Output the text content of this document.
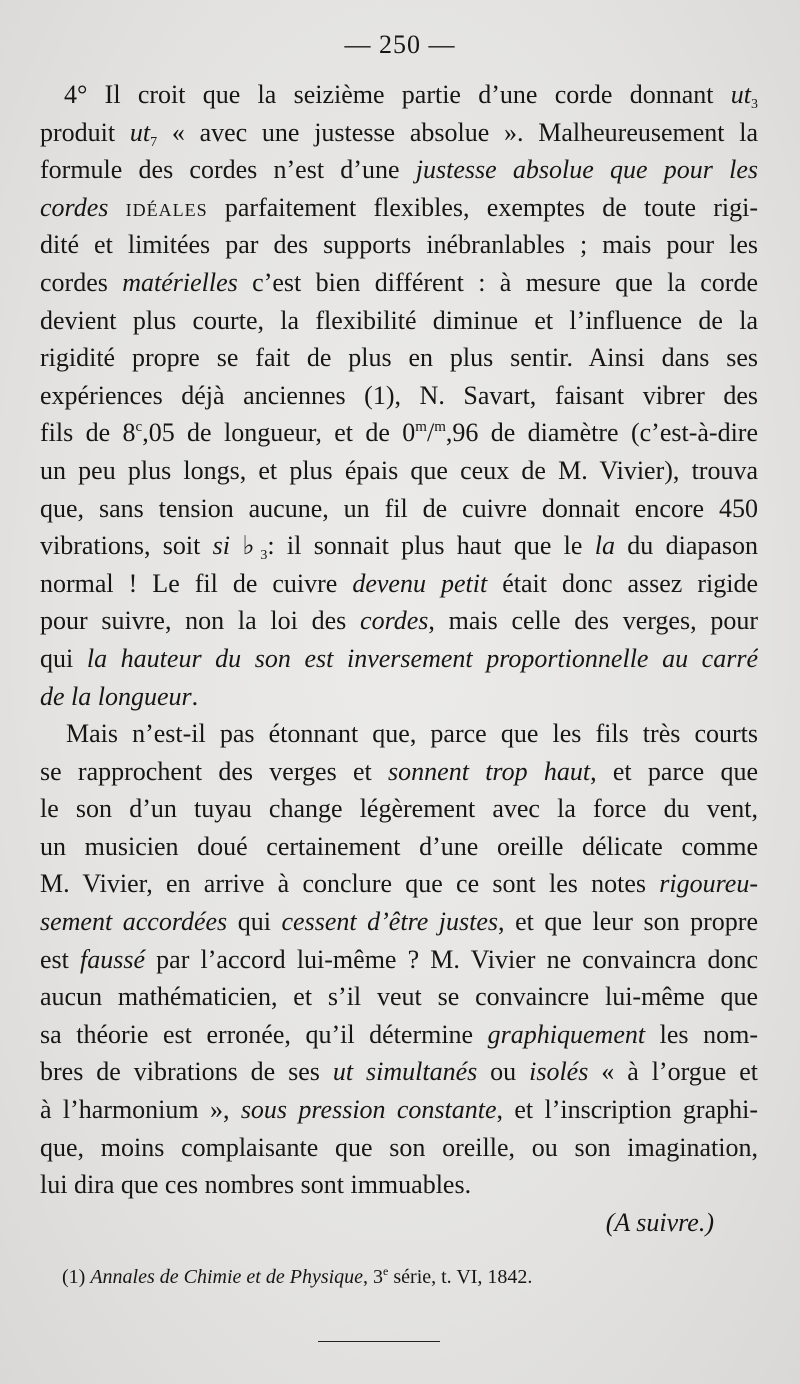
— 250 —
4° Il croit que la seizième partie d’une corde donnant $ut_3$
produit $ut_7$ « avec une justesse absolue ». Malheureusement la
formule des cordes n’est d’une justesse absolue que pour les
cordes idéales parfaitement flexibles, exemptes de toute rigi-
dité et limitées par des supports inébranlables ; mais pour les
cordes matérielles c’est bien différent : à mesure que la corde
devient plus courte, la flexibilité diminue et l’influence de la
rigidité propre se fait de plus en plus sentir. Ainsi dans ses
expériences déjà anciennes (1), N. Savart, faisant vibrer des
fils de 8$^c$,05 de longueur, et de 0$^m$/$^m$,96 de diamètre (c’est-à-dire
un peu plus longs, et plus épais que ceux de M. Vivier), trouva
que, sans tension aucune, un fil de cuivre donnait encore 450
vibrations, soit si $♭_3$: il sonnait plus haut que le la du diapason
normal ! Le fil de cuivre devenu petit était donc assez rigide
pour suivre, non la loi des cordes, mais celle des verges, pour
qui la hauteur du son est inversement proportionnelle au carré
de la longueur.
Mais n’est-il pas étonnant que, parce que les fils très courts
se rapprochent des verges et sonnent trop haut, et parce que
le son d’un tuyau change légèrement avec la force du vent,
un musicien doué certainement d’une oreille délicate comme
M. Vivier, en arrive à conclure que ce sont les notes rigoureu-
sement accordées qui cessent d’être justes, et que leur son propre
est faussé par l’accord lui-même ? M. Vivier ne convaincra donc
aucun mathématicien, et s’il veut se convaincre lui-même que
sa théorie est erronée, qu’il détermine graphiquement les nom-
bres de vibrations de ses ut simultanés ou isolés « à l’orgue et
à l’harmonium », sous pression constante, et l’inscription graphi-
que, moins complaisante que son oreille, ou son imagination,
lui dira que ces nombres sont immuables.
(A suivre.)
(1) Annales de Chimie et de Physique, 3e série, t. VI, 1842.
